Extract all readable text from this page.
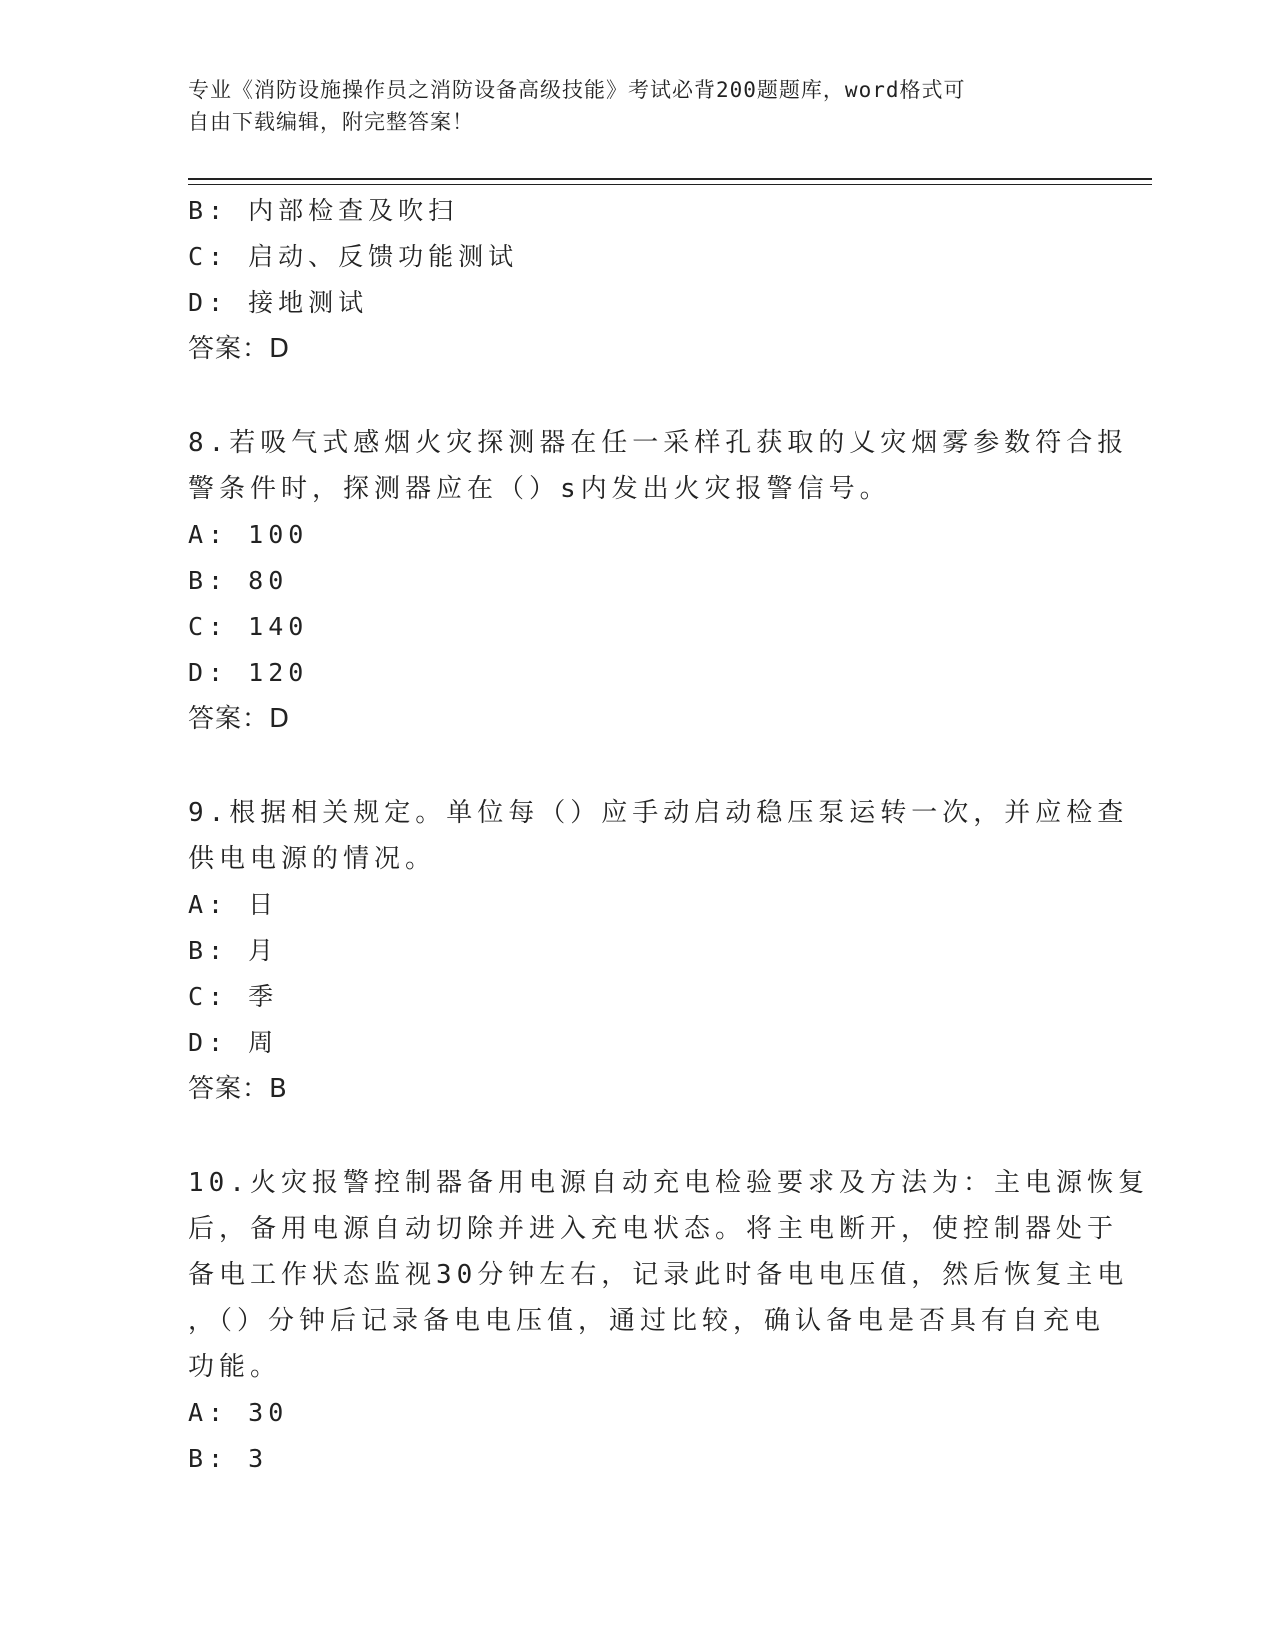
专业《消防设施操作员之消防设备高级技能》考试必背200题题库，word格式可
自由下载编辑，附完整答案！
B: 内部检查及吹扫
C: 启动、反馈功能测试
D: 接地测试
答案：D
8.若吸气式感烟火灾探测器在任一采样孔获取的乂灾烟雾参数符合报
警条件时，探测器应在（）s内发出火灾报警信号。
A: 100
B: 80
C: 140
D: 120
答案：D
9.根据相关规定。单位每（）应手动启动稳压泵运转一次，并应检查
供电电源的情况。
A: 日
B: 月
C: 季
D: 周
答案：B
10.火灾报警控制器备用电源自动充电检验要求及方法为：主电源恢复
后，备用电源自动切除并进入充电状态。将主电断开，使控制器处于
备电工作状态监视30分钟左右，记录此时备电电压值，然后恢复主电
，（）分钟后记录备电电压值，通过比较，确认备电是否具有自充电
功能。
A: 30
B: 3
